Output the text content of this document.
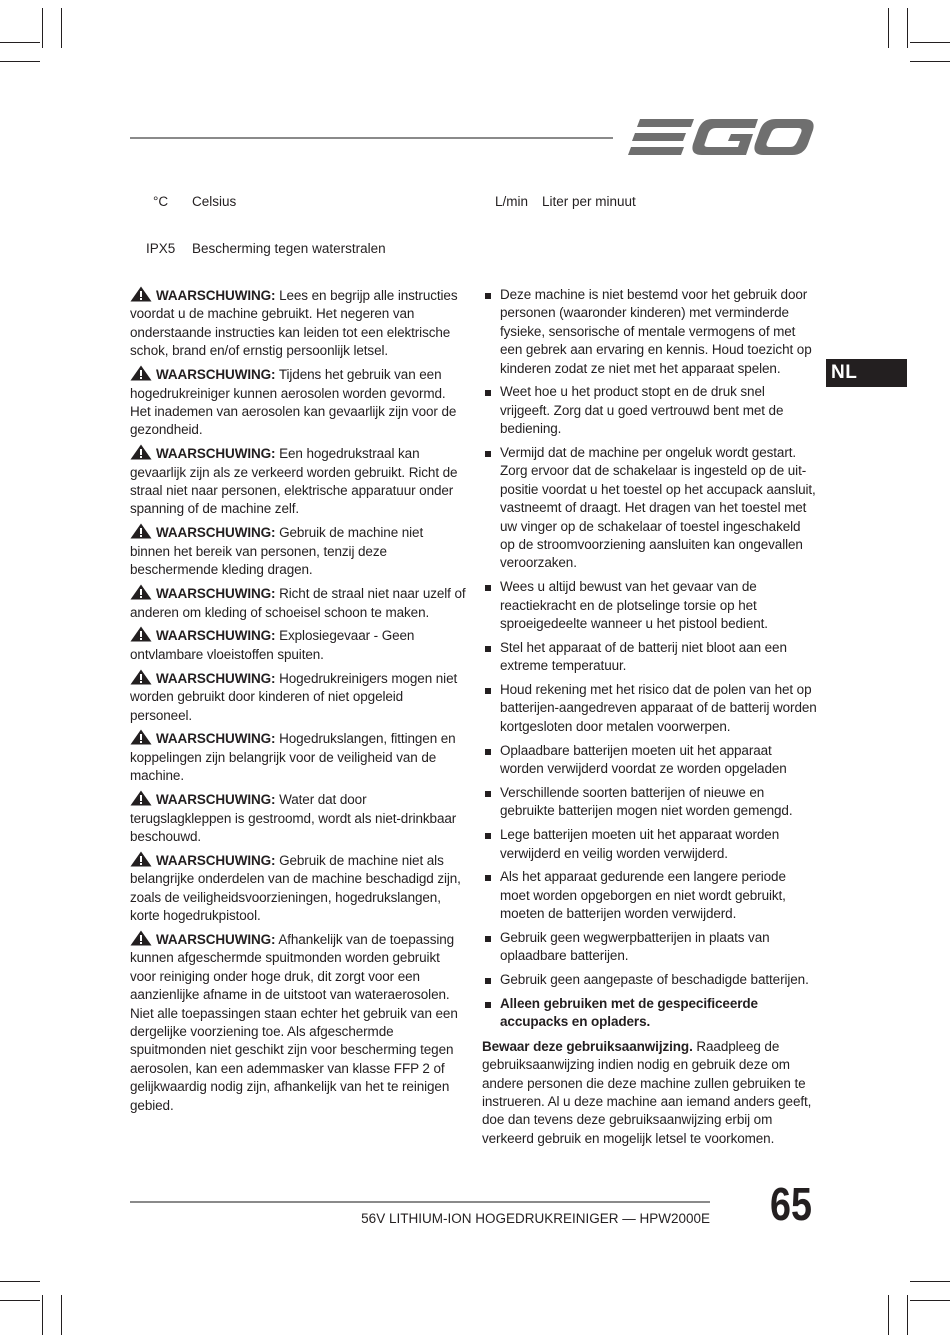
NL
°C Celsius	L/min Liter per minuut
IPX5 Bescherming tegen waterstralen

WAARSCHUWING: Lees en begrijp alle instructies voordat u de machine gebruikt. Het negeren van onderstaande instructies kan leiden tot een elektrische schok, brand en/of ernstig persoonlijk letsel.

WAARSCHUWING: Tijdens het gebruik van een hogedrukreiniger kunnen aerosolen worden gevormd. Het inademen van aerosolen kan gevaarlijk zijn voor de gezondheid.

WAARSCHUWING: Een hogedrukstraal kan gevaarlijk zijn als ze verkeerd worden gebruikt. Richt de straal niet naar personen, elektrische apparatuur onder spanning of de machine zelf.

WAARSCHUWING: Gebruik de machine niet binnen het bereik van personen, tenzij deze beschermende kleding dragen.

WAARSCHUWING: Richt de straal niet naar uzelf of anderen om kleding of schoeisel schoon te maken.

WAARSCHUWING: Explosiegevaar - Geen ontvlambare vloeistoffen spuiten.

WAARSCHUWING: Hogedrukreinigers mogen niet worden gebruikt door kinderen of niet opgeleid personeel.

WAARSCHUWING: Hogedrukslangen, fittingen en koppelingen zijn belangrijk voor de veiligheid van de machine.

WAARSCHUWING: Water dat door terugslagkleppen is gestroomd, wordt als niet-drinkbaar beschouwd.

WAARSCHUWING: Gebruik de machine niet als belangrijke onderdelen van de machine beschadigd zijn, zoals de veiligheidsvoorzieningen, hogedrukslangen, korte hogedrukpistool.

WAARSCHUWING: Afhankelijk van de toepassing kunnen afgeschermde spuitmonden worden gebruikt voor reiniging onder hoge druk, dit zorgt voor een aanzienlijke afname in de uitstoot van wateraerosolen. Niet alle toepassingen staan echter het gebruik van een dergelijke voorziening toe. Als afgeschermde spuitmonden niet geschikt zijn voor bescherming tegen aerosolen, kan een ademmasker van klasse FFP 2 of gelijkwaardig nodig zijn, afhankelijk van het te reinigen gebied.

Deze machine is niet bestemd voor het gebruik door personen (waaronder kinderen) met verminderde fysieke, sensorische of mentale vermogens of met een gebrek aan ervaring en kennis. Houd toezicht op kinderen zodat ze niet met het apparaat spelen.
Weet hoe u het product stopt en de druk snel vrijgeeft. Zorg dat u goed vertrouwd bent met de bediening.
Vermijd dat de machine per ongeluk wordt gestart. Zorg ervoor dat de schakelaar is ingesteld op de uit-positie voordat u het toestel op het accupack aansluit, vastneemt of draagt. Het dragen van het toestel met uw vinger op de schakelaar of toestel ingeschakeld op de stroomvoorziening aansluiten kan ongevallen veroorzaken.
Wees u altijd bewust van het gevaar van de reactiekracht en de plotselinge torsie op het sproeigedeelte wanneer u het pistool bedient.
Stel het apparaat of de batterij niet bloot aan een extreme temperatuur.
Houd rekening met het risico dat de polen van het op batterijen-aangedreven apparaat of de batterij worden kortgesloten door metalen voorwerpen.
Oplaadbare batterijen moeten uit het apparaat worden verwijderd voordat ze worden opgeladen
Verschillende soorten batterijen of nieuwe en gebruikte batterijen mogen niet worden gemengd.
Lege batterijen moeten uit het apparaat worden verwijderd en veilig worden verwijderd.
Als het apparaat gedurende een langere periode moet worden opgeborgen en niet wordt gebruikt, moeten de batterijen worden verwijderd.
Gebruik geen wegwerpbatterijen in plaats van oplaadbare batterijen.
Gebruik geen aangepaste of beschadigde batterijen.
Alleen gebruiken met de gespecificeerde accupacks en opladers.

Bewaar deze gebruiksaanwijzing. Raadpleeg de gebruiksaanwijzing indien nodig en gebruik deze om andere personen die deze machine zullen gebruiken te instrueren. Al u deze machine aan iemand anders geeft, doe dan tevens deze gebruiksaanwijzing erbij om verkeerd gebruik en mogelijk letsel te voorkomen.

56V LITHIUM-ION HOGEDRUKREINIGER — HPW2000E 65
